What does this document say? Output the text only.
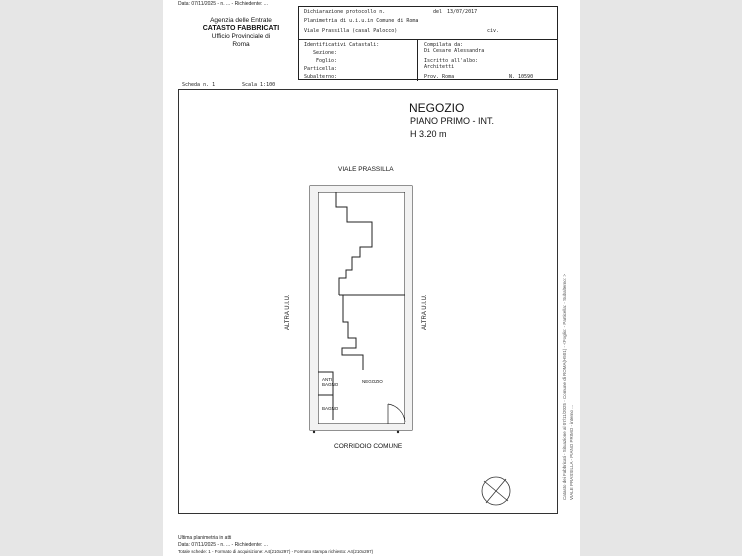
Data: 07/11/2025 - n. ... - Richiedente: ...
Agenzia delle Entrate
CATASTO FABBRICATI
Ufficio Provinciale di
Roma
Dichiarazione protocollo n.	del 13/07/2017
Planimetria di u.i.u.in Comune di Roma
Viale Prassilla (casal Palocco)	civ.
Identificativi Catastali:
Sezione:
Foglio:
Particella:
Subalterno:
Compilata da:
Di Cesare Alessandra
Iscritto all'albo:
Architetti
Prov. Roma	N. 10590
Scheda n. 1	Scala 1:100
NEGOZIO
PIANO PRIMO - INT.
H 3.20 m
VIALE PRASSILLA
ALTRA U.I.U.	ALTRA U.I.U.
ANTI
BAGNO
BAGNO
NEGOZIO
CORRIDOIO COMUNE	Catasto dei Fabbricati - Situazione al 07/11/2025 - Comune di ROMA(H501) - <Foglio: - Particella: - Subalterno: > VIALE PRASSILLA - PIANO PRIMO - interno ...
Ultima planimetria in atti
Data: 07/11/2025 - n. ... - Richiedente: ...
Totale schede: 1 - Formato di acquisizione: A4(210x297) - Formato stampa richiesto: A4(210x297)
